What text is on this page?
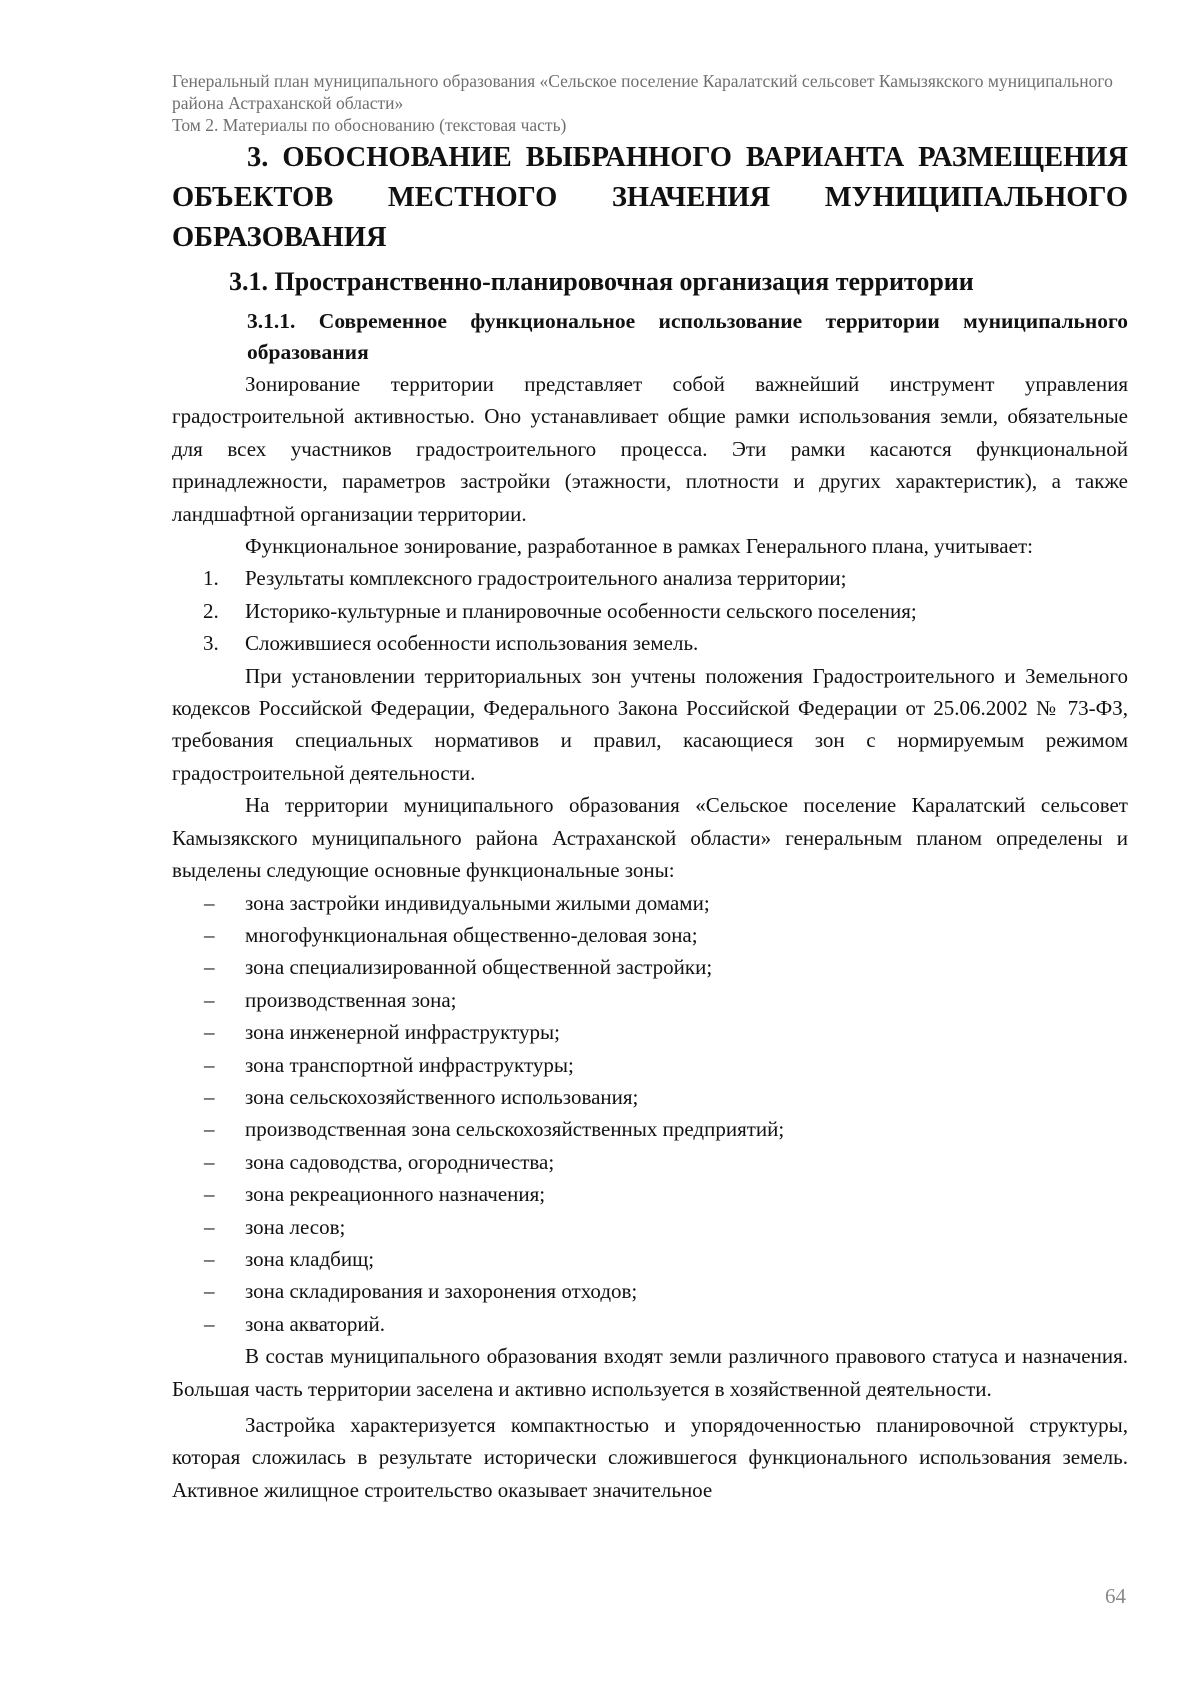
Генеральный план муниципального образования «Сельское поселение Каралатский сельсовет Камызякского муниципального района Астраханской области»
Том 2. Материалы по обоснованию (текстовая часть)
3. ОБОСНОВАНИЕ ВЫБРАННОГО ВАРИАНТА РАЗМЕЩЕНИЯ ОБЪЕКТОВ МЕСТНОГО ЗНАЧЕНИЯ МУНИЦИПАЛЬНОГО ОБРАЗОВАНИЯ
3.1. Пространственно-планировочная организация территории
3.1.1. Современное функциональное использование территории муниципального образования

Зонирование территории представляет собой важнейший инструмент управления градостроительной активностью. Оно устанавливает общие рамки использования земли, обязательные для всех участников градостроительного процесса. Эти рамки касаются функциональной принадлежности, параметров застройки (этажности, плотности и других характеристик), а также ландшафтной организации территории.

Функциональное зонирование, разработанное в рамках Генерального плана, учитывает:

1. Результаты комплексного градостроительного анализа территории;
2. Историко-культурные и планировочные особенности сельского поселения;
3. Сложившиеся особенности использования земель.

При установлении территориальных зон учтены положения Градостроительного и Земельного кодексов Российской Федерации, Федерального Закона Российской Федерации от 25.06.2002 № 73-ФЗ, требования специальных нормативов и правил, касающиеся зон с нормируемым режимом градостроительной деятельности.

На территории муниципального образования «Сельское поселение Каралатский сельсовет Камызякского муниципального района Астраханской области» генеральным планом определены и выделены следующие основные функциональные зоны:

– зона застройки индивидуальными жилыми домами;
– многофункциональная общественно-деловая зона;
– зона специализированной общественной застройки;
– производственная зона;
– зона инженерной инфраструктуры;
– зона транспортной инфраструктуры;
– зона сельскохозяйственного использования;
– производственная зона сельскохозяйственных предприятий;
– зона садоводства, огородничества;
– зона рекреационного назначения;
– зона лесов;
– зона кладбищ;
– зона складирования и захоронения отходов;
– зона акваторий.

В состав муниципального образования входят земли различного правового статуса и назначения. Большая часть территории заселена и активно используется в хозяйственной деятельности.

Застройка характеризуется компактностью и упорядоченностью планировочной структуры, которая сложилась в результате исторически сложившегося функционального использования земель. Активное жилищное строительство оказывает значительное

64
